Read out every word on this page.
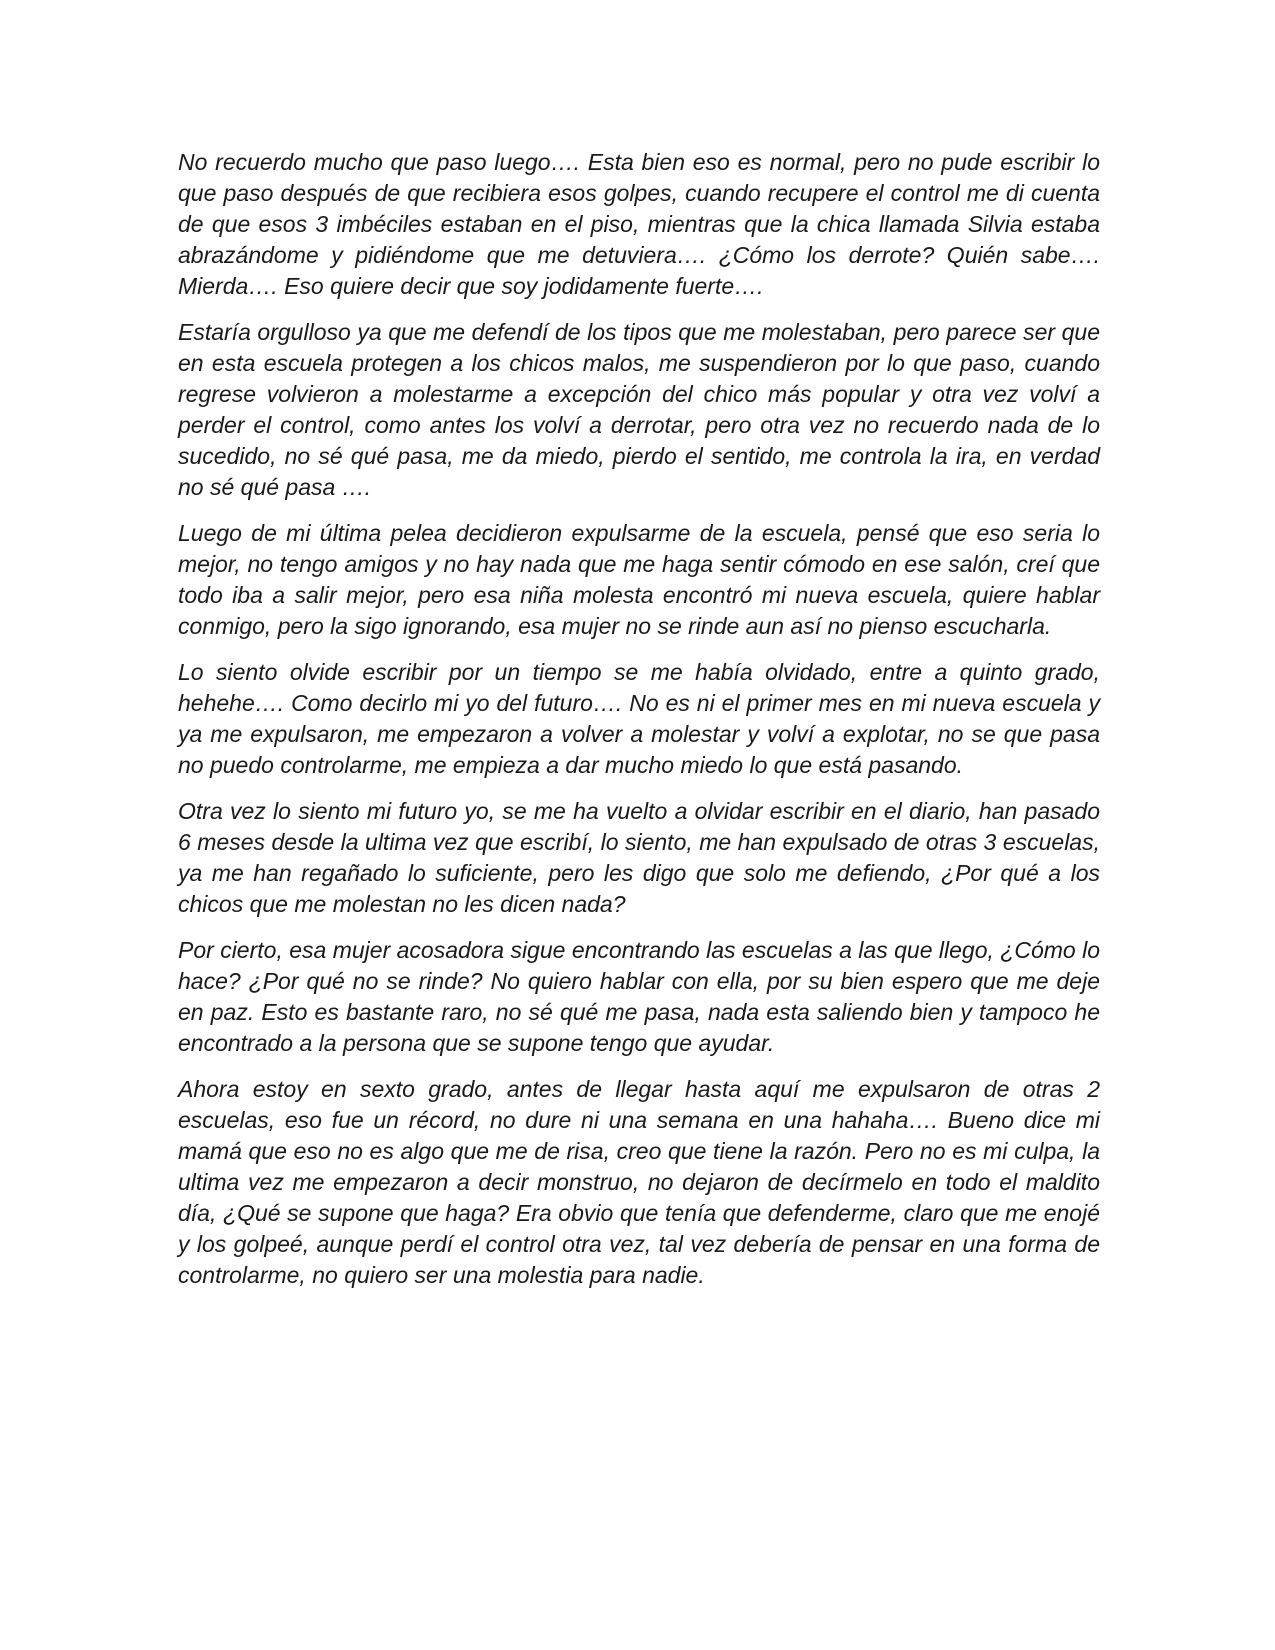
No recuerdo mucho que paso luego…. Esta bien eso es normal, pero no pude escribir lo que paso después de que recibiera esos golpes, cuando recupere el control me di cuenta de que esos 3 imbéciles estaban en el piso, mientras que la chica llamada Silvia estaba abrazándome y pidiéndome que me detuviera…. ¿Cómo los derrote? Quién sabe…. Mierda…. Eso quiere decir que soy jodidamente fuerte….

Estaría orgulloso ya que me defendí de los tipos que me molestaban, pero parece ser que en esta escuela protegen a los chicos malos, me suspendieron por lo que paso, cuando regrese volvieron a molestarme a excepción del chico más popular y otra vez volví a perder el control, como antes los volví a derrotar, pero otra vez no recuerdo nada de lo sucedido, no sé qué pasa, me da miedo, pierdo el sentido, me controla la ira, en verdad no sé qué pasa ….

Luego de mi última pelea decidieron expulsarme de la escuela, pensé que eso seria lo mejor, no tengo amigos y no hay nada que me haga sentir cómodo en ese salón, creí que todo iba a salir mejor, pero esa niña molesta encontró mi nueva escuela, quiere hablar conmigo, pero la sigo ignorando, esa mujer no se rinde aun así no pienso escucharla.

Lo siento olvide escribir por un tiempo se me había olvidado, entre a quinto grado, hehehe…. Como decirlo mi yo del futuro…. No es ni el primer mes en mi nueva escuela y ya me expulsaron, me empezaron a volver a molestar y volví a explotar, no se que pasa no puedo controlarme, me empieza a dar mucho miedo lo que está pasando.

Otra vez lo siento mi futuro yo, se me ha vuelto a olvidar escribir en el diario, han pasado 6 meses desde la ultima vez que escribí, lo siento, me han expulsado de otras 3 escuelas, ya me han regañado lo suficiente, pero les digo que solo me defiendo, ¿Por qué a los chicos que me molestan no les dicen nada?

Por cierto, esa mujer acosadora sigue encontrando las escuelas a las que llego, ¿Cómo lo hace? ¿Por qué no se rinde? No quiero hablar con ella, por su bien espero que me deje en paz. Esto es bastante raro, no sé qué me pasa, nada esta saliendo bien y tampoco he encontrado a la persona que se supone tengo que ayudar.

Ahora estoy en sexto grado, antes de llegar hasta aquí me expulsaron de otras 2 escuelas, eso fue un récord, no dure ni una semana en una hahaha…. Bueno dice mi mamá que eso no es algo que me de risa, creo que tiene la razón. Pero no es mi culpa, la ultima vez me empezaron a decir monstruo, no dejaron de decírmelo en todo el maldito día, ¿Qué se supone que haga? Era obvio que tenía que defenderme, claro que me enojé y los golpeé, aunque perdí el control otra vez, tal vez debería de pensar en una forma de controlarme, no quiero ser una molestia para nadie.
